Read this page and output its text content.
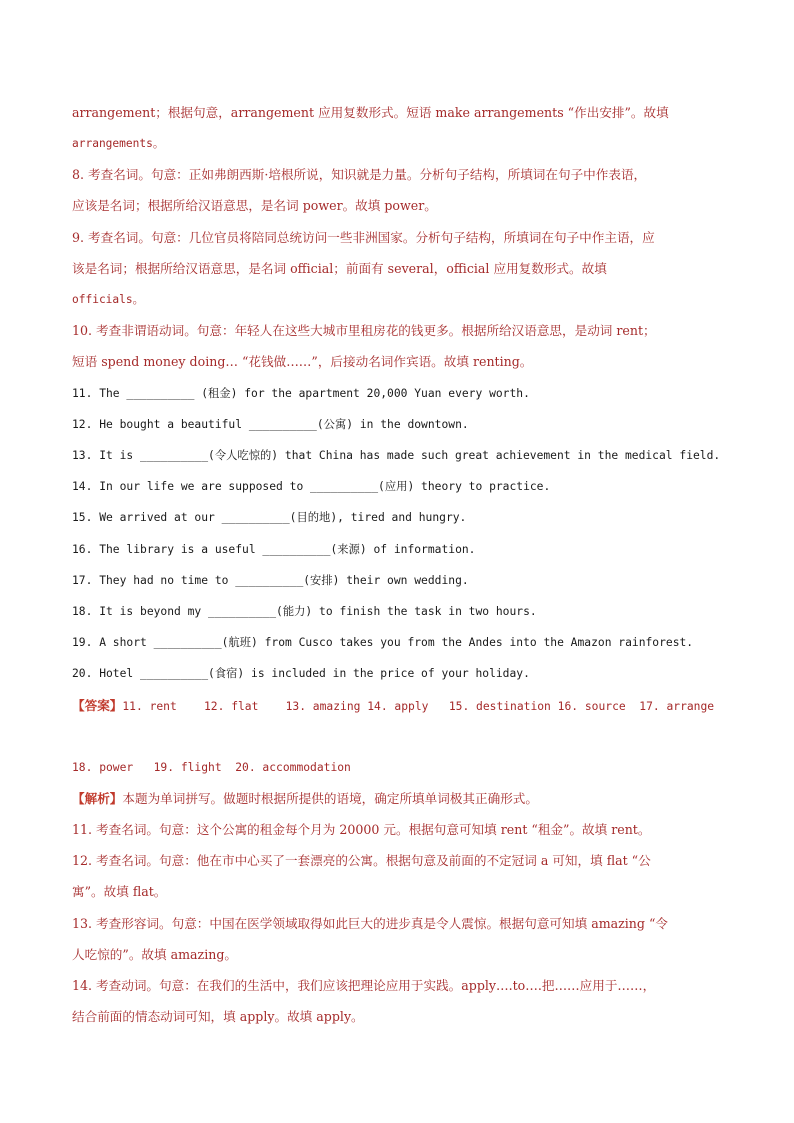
arrangement；根据句意，arrangement 应用复数形式。短语 make arrangements “作出安排”。故填
arrangements。
8. 考查名词。句意：正如弗朗西斯·培根所说，知识就是力量。分析句子结构，所填词在句子中作表语，
应该是名词；根据所给汉语意思，是名词 power。故填 power。
9. 考查名词。句意：几位官员将陪同总统访问一些非洲国家。分析句子结构，所填词在句子中作主语，应
该是名词；根据所给汉语意思，是名词 official；前面有 several，official 应用复数形式。故填
officials。
10. 考查非谓语动词。句意：年轻人在这些大城市里租房花的钱更多。根据所给汉语意思，是动词 rent；
短语 spend money doing… “花钱做……”，后接动名词作宾语。故填 renting。
11. The __________ (租金) for the apartment 20,000 Yuan every worth.
12. He bought a beautiful __________(公寓) in the downtown.
13. It is __________(令人吃惊的) that China has made such great achievement in the medical field.
14. In our life we are supposed to __________(应用) theory to practice.
15. We arrived at our __________(目的地), tired and hungry.
16. The library is a useful __________(来源) of information.
17. They had no time to __________(安排) their own wedding.
18. It is beyond my __________(能力) to finish the task in two hours.
19. A short __________(航班) from Cusco takes you from the Andes into the Amazon rainforest.
20. Hotel __________(食宿) is included in the price of your holiday.
【答案】11. rent    12. flat    13. amazing 14. apply   15. destination 16. source  17. arrange
18. power   19. flight  20. accommodation
【解析】本题为单词拼写。做题时根据所提供的语境，确定所填单词极其正确形式。
11. 考查名词。句意：这个公寓的租金每个月为 20000 元。根据句意可知填 rent “租金”。故填 rent。
12. 考查名词。句意：他在市中心买了一套漂亮的公寓。根据句意及前面的不定冠词 a 可知，填 flat “公
寓”。故填 flat。
13. 考查形容词。句意：中国在医学领域取得如此巨大的进步真是令人震惊。根据句意可知填 amazing “令
人吃惊的”。故填 amazing。
14. 考查动词。句意：在我们的生活中，我们应该把理论应用于实践。apply….to….把……应用于……，
结合前面的情态动词可知，填 apply。故填 apply。
